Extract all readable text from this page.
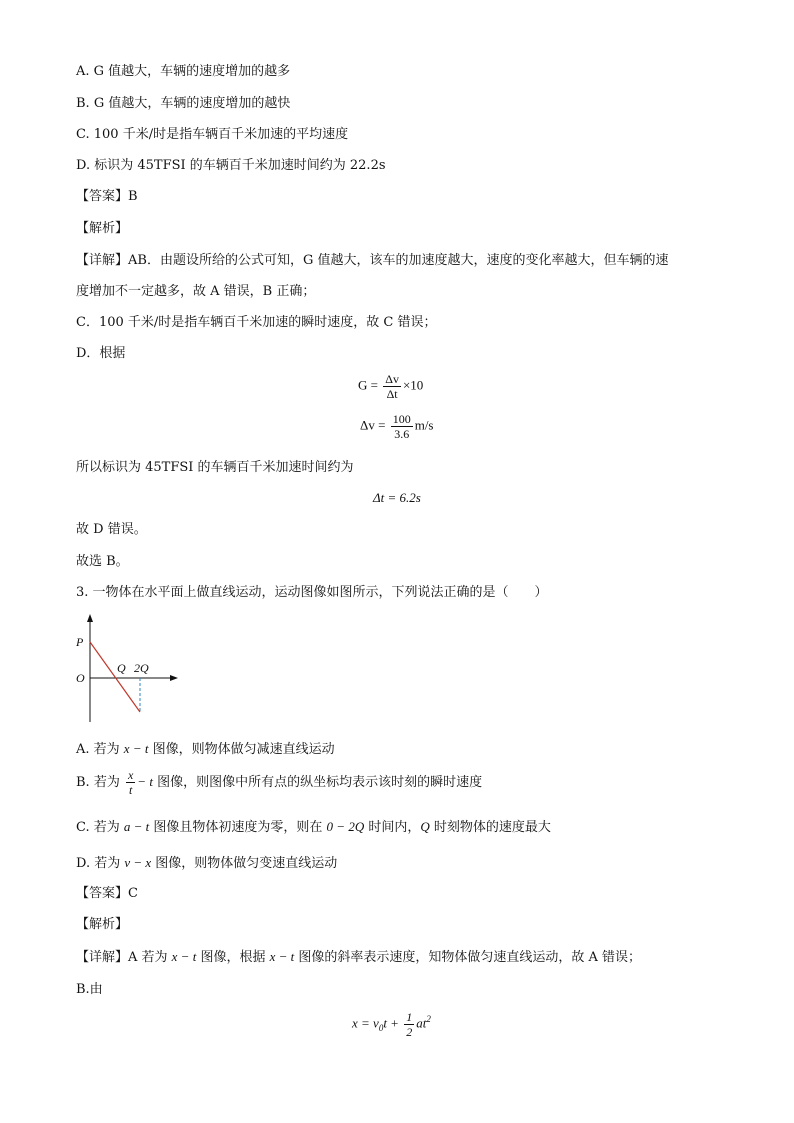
A. G 值越大，车辆的速度增加的越多
B. G 值越大，车辆的速度增加的越快
C. 100 千米/时是指车辆百千米加速的平均速度
D. 标识为 45TFSI 的车辆百千米加速时间约为 22.2s
【答案】B
【解析】
【详解】AB．由题设所给的公式可知，G 值越大，该车的加速度越大，速度的变化率越大，但车辆的速
度增加不一定越多，故 A 错误，B 正确；
C．100 千米/时是指车辆百千米加速的瞬时速度，故 C 错误；
D．根据
$G = \frac{\Delta v}{\Delta t} \times 10$
$\Delta v = \frac{100}{3.6} m/s$
所以标识为 45TFSI 的车辆百千米加速时间约为
Δt = 6.2s
故 D 错误。
故选 B。
3. 一物体在水平面上做直线运动，运动图像如图所示，下列说法正确的是（　　）
P
O
Q 2Q
A. 若为 x − t 图像，则物体做匀减速直线运动
B. 若为 $\frac{x}{t} - t$ 图像，则图像中所有点的纵坐标均表示该时刻的瞬时速度
C. 若为 a − t 图像且物体初速度为零，则在 0 − 2Q 时间内，Q 时刻物体的速度最大
D. 若为 v − x 图像，则物体做匀变速直线运动
【答案】C
【解析】
【详解】A 若为 x − t 图像，根据 x − t 图像的斜率表示速度，知物体做匀速直线运动，故 A 错误；
B.由
$x = v_0t + \frac{1}{2} at^2$
